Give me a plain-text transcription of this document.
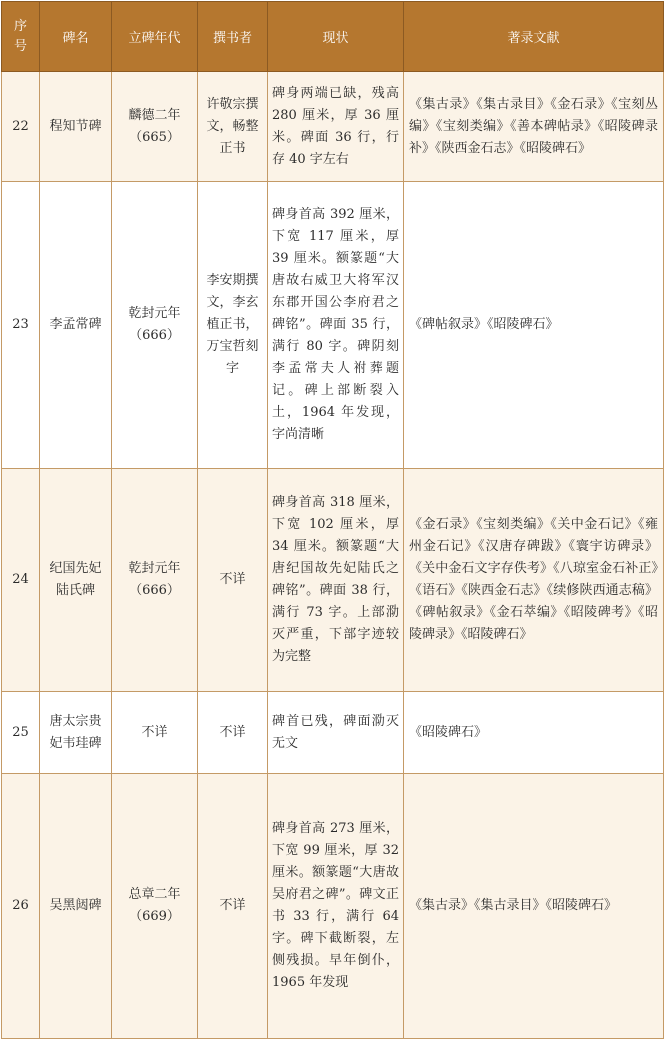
序
号	碑名	立碑年代	撰书者	现状	著录文献
22	程知节碑	麟德二年（665）	许敬宗撰文，畅整正书	碑身两端已缺，残高 280 厘米，厚 36 厘米。碑面 36 行，行存 40 字左右	《集古录》《集古录目》《金石录》《宝刻丛编》《宝刻类编》《善本碑帖录》《昭陵碑录补》《陕西金石志》《昭陵碑石》
23	李孟常碑	乾封元年（666）	李安期撰文，李玄植正书，万宝哲刻字	碑身首高 392 厘米，下宽 117 厘米，厚 39 厘米。额篆题“大唐故右威卫大将军汉东郡开国公李府君之碑铭”。碑面 35 行，满行 80 字。碑阴刻李孟常夫人祔葬题记。碑上部断裂入土，1964 年发现，字尚清晰	《碑帖叙录》《昭陵碑石》
24	纪国先妃陆氏碑	乾封元年（666）	不详	碑身首高 318 厘米，下宽 102 厘米，厚 34 厘米。额篆题“大唐纪国故先妃陆氏之碑铭”。碑面 38 行，满行 73 字。上部泐灭严重，下部字迹较为完整	《金石录》《宝刻类编》《关中金石记》《雍州金石记》《汉唐存碑跋》《寰宇访碑录》《关中金石文字存佚考》《八琼室金石补正》《语石》《陕西金石志》《续修陕西通志稿》《碑帖叙录》《金石萃编》《昭陵碑考》《昭陵碑录》《昭陵碑石》
25	唐太宗贵妃韦珪碑	不详	不详	碑首已残，碑面泐灭无文	《昭陵碑石》
26	吴黑闼碑	总章二年（669）	不详	碑身首高 273 厘米，下宽 99 厘米，厚 32 厘米。额篆题“大唐故吴府君之碑”。碑文正书 33 行，满行 64 字。碑下截断裂，左侧残损。早年倒仆，1965 年发现	《集古录》《集古录目》《昭陵碑石》
